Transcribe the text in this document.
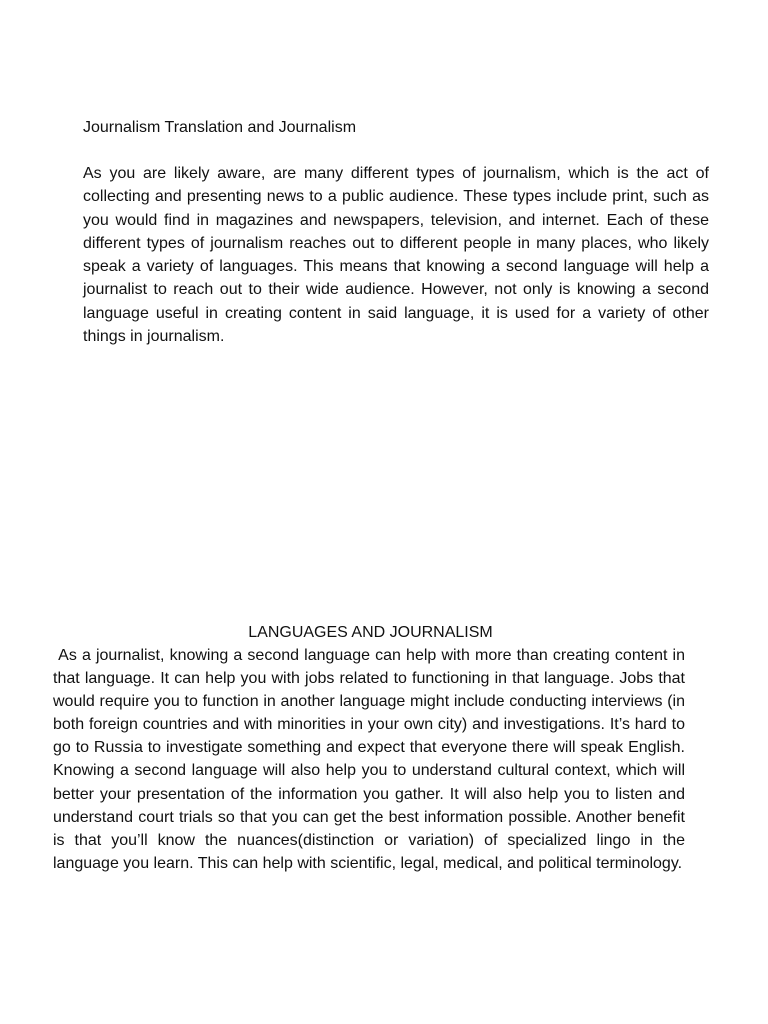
Journalism Translation and Journalism

As you are likely aware, are many different types of journalism, which is the act of collecting and presenting news to a public audience. These types include print, such as you would find in magazines and newspapers, television, and internet. Each of these different types of journalism reaches out to different people in many places, who likely speak a variety of languages. This means that knowing a second language will help a journalist to reach out to their wide audience. However, not only is knowing a second language useful in creating content in said language, it is used for a variety of other things in journalism.

LANGUAGES AND JOURNALISM

As a journalist, knowing a second language can help with more than creating content in that language. It can help you with jobs related to functioning in that language. Jobs that would require you to function in another language might include conducting interviews (in both foreign countries and with minorities in your own city) and investigations. It’s hard to go to Russia to investigate something and expect that everyone there will speak English. Knowing a second language will also help you to understand cultural context, which will better your presentation of the information you gather. It will also help you to listen and understand court trials so that you can get the best information possible. Another benefit is that you’ll know the nuances(distinction or variation) of specialized lingo in the language you learn. This can help with scientific, legal, medical, and political terminology.
